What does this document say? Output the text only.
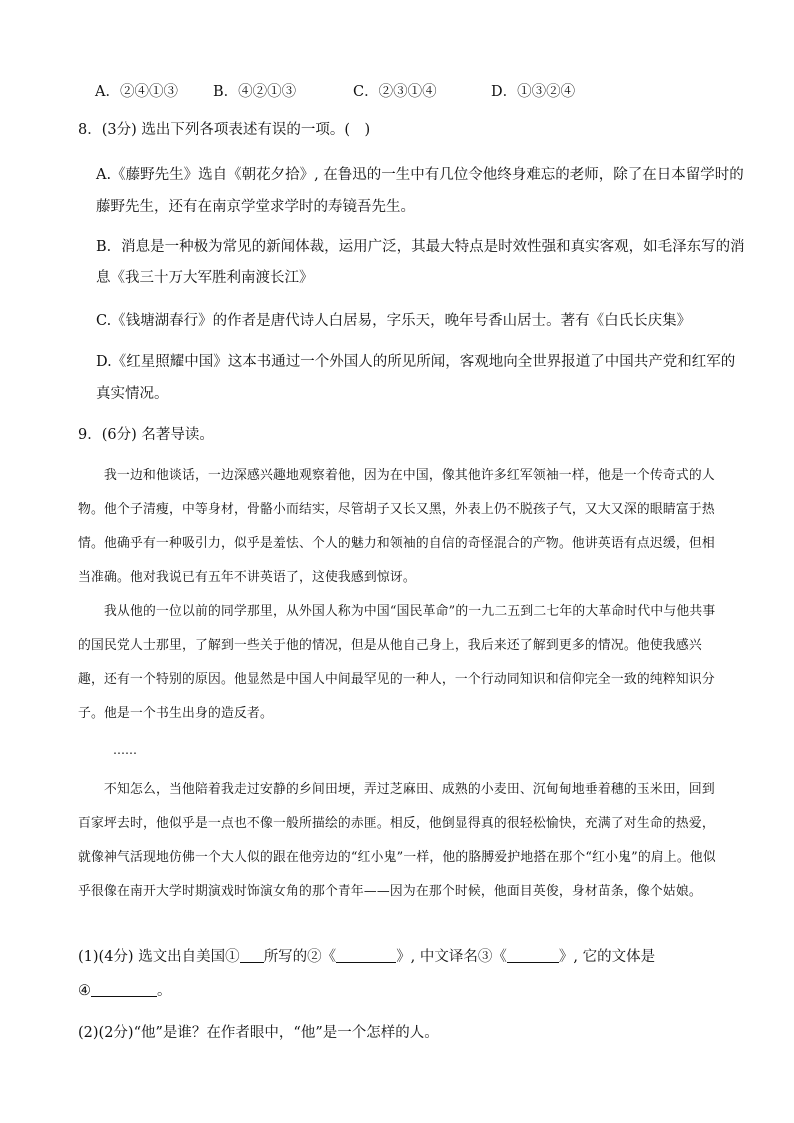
A．②④①③ B．④②①③	C．②③①④	D．①③②④
8．(3分) 选出下列各项表述有误的一项。(　)
A.《藤野先生》选自《朝花夕拾》, 在鲁迅的一生中有几位令他终身难忘的老师，除了在日本留学时的
藤野先生，还有在南京学堂求学时的寿镜吾先生。
B．消息是一种极为常见的新闻体裁，运用广泛，其最大特点是时效性强和真实客观，如毛泽东写的消
息《我三十万大军胜利南渡长江》
C.《钱塘湖春行》的作者是唐代诗人白居易，字乐天，晚年号香山居士。著有《白氏长庆集》
D.《红星照耀中国》这本书通过一个外国人的所见所闻，客观地向全世界报道了中国共产党和红军的
真实情况。
9．(6分) 名著导读。
　　我一边和他谈话，一边深感兴趣地观察着他，因为在中国，像其他许多红军领袖一样，他是一个传奇式的人物。他个子清瘦，中等身材，骨骼小而结实，尽管胡子又长又黑，外表上仍不脱孩子气，又大又深的眼睛富于热情。他确乎有一种吸引力，似乎是羞怯、个人的魅力和领袖的自信的奇怪混合的产物。他讲英语有点迟缓，但相当准确。他对我说已有五年不讲英语了，这使我感到惊讶。
　　我从他的一位以前的同学那里，从外国人称为中国“国民革命”的一九二五到二七年的大革命时代中与他共事的国民党人士那里，了解到一些关于他的情况，但是从他自己身上，我后来还了解到更多的情况。他使我感兴趣，还有一个特别的原因。他显然是中国人中间最罕见的一种人，一个行动同知识和信仰完全一致的纯粹知识分子。他是一个书生出身的造反者。
……
　　不知怎么，当他陪着我走过安静的乡间田埂，弄过芝麻田、成熟的小麦田、沉甸甸地垂着穗的玉米田，回到百家坪去时，他似乎是一点也不像一般所描绘的赤匪。相反，他倒显得真的很轻松愉快，充满了对生命的热爱，就像神气活现地仿佛一个大人似的跟在他旁边的“红小鬼”一样，他的胳膊爱护地搭在那个“红小鬼”的肩上。他似乎很像在南开大学时期演戏时饰演女角的那个青年——因为在那个时候，他面目英俊，身材苗条，像个姑娘。
(1)(4分) 选文出自美国① 所写的②《	》, 中文译名③《	》, 它的文体是
④	。
(2)(2分)“他”是谁？在作者眼中，“他”是一个怎样的人。
